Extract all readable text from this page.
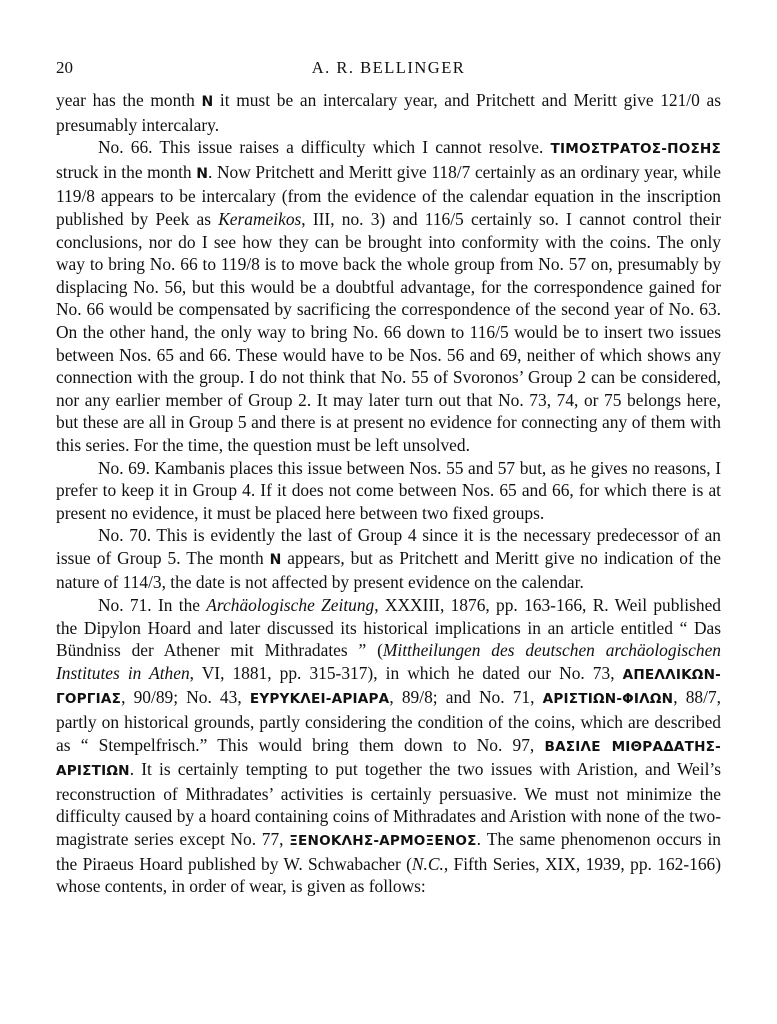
20	A. R. BELLINGER

year has the month N it must be an intercalary year, and Pritchett and Meritt give 121/0 as presumably intercalary.

No. 66. This issue raises a difficulty which I cannot resolve. ΤΙΜΟΣΤΡΑΤΟΣ-ΠΟΣΗΣ struck in the month N. Now Pritchett and Meritt give 118/7 certainly as an ordinary year, while 119/8 appears to be intercalary (from the evidence of the calendar equation in the inscription published by Peek as Kerameikos, III, no. 3) and 116/5 certainly so. I cannot control their conclusions, nor do I see how they can be brought into conformity with the coins. The only way to bring No. 66 to 119/8 is to move back the whole group from No. 57 on, presumably by displacing No. 56, but this would be a doubtful advantage, for the correspondence gained for No. 66 would be compensated by sacrificing the correspondence of the second year of No. 63. On the other hand, the only way to bring No. 66 down to 116/5 would be to insert two issues between Nos. 65 and 66. These would have to be Nos. 56 and 69, neither of which shows any connection with the group. I do not think that No. 55 of Svoronos’ Group 2 can be considered, nor any earlier member of Group 2. It may later turn out that No. 73, 74, or 75 belongs here, but these are all in Group 5 and there is at present no evidence for connecting any of them with this series. For the time, the question must be left unsolved.

No. 69. Kambanis places this issue between Nos. 55 and 57 but, as he gives no reasons, I prefer to keep it in Group 4. If it does not come between Nos. 65 and 66, for which there is at present no evidence, it must be placed here between two fixed groups.

No. 70. This is evidently the last of Group 4 since it is the necessary predecessor of an issue of Group 5. The month N appears, but as Pritchett and Meritt give no indication of the nature of 114/3, the date is not affected by present evidence on the calendar.

No. 71. In the Archäologische Zeitung, XXXIII, 1876, pp. 163-166, R. Weil published the Dipylon Hoard and later discussed its historical implications in an article entitled “ Das Bündniss der Athener mit Mithradates ” (Mittheilungen des deutschen archäologischen Institutes in Athen, VI, 1881, pp. 315-317), in which he dated our No. 73, ΑΠΕΛΛΙΚΩΝ-ΓΟΡΓΙΑΣ, 90/89; No. 43, ΕΥΡΥΚΛΕΙ-ΑΡΙΑΡΑ, 89/8; and No. 71, ΑΡΙΣΤΙΩΝ-ΦΙΛΩΝ, 88/7, partly on historical grounds, partly considering the condition of the coins, which are described as “ Stempelfrisch.” This would bring them down to No. 97, ΒΑΣΙΛΕ ΜΙΘΡΑΔΑΤΗΣ-ΑΡΙΣΤΙΩΝ. It is certainly tempting to put together the two issues with Aristion, and Weil’s reconstruction of Mithradates’ activities is certainly persuasive. We must not minimize the difficulty caused by a hoard containing coins of Mithradates and Aristion with none of the two-magistrate series except No. 77, ΞΕΝΟΚΛΗΣ-ΑΡΜΟΞΕΝΟΣ. The same phenomenon occurs in the Piraeus Hoard published by W. Schwabacher (N.C., Fifth Series, XIX, 1939, pp. 162-166) whose contents, in order of wear, is given as follows:
